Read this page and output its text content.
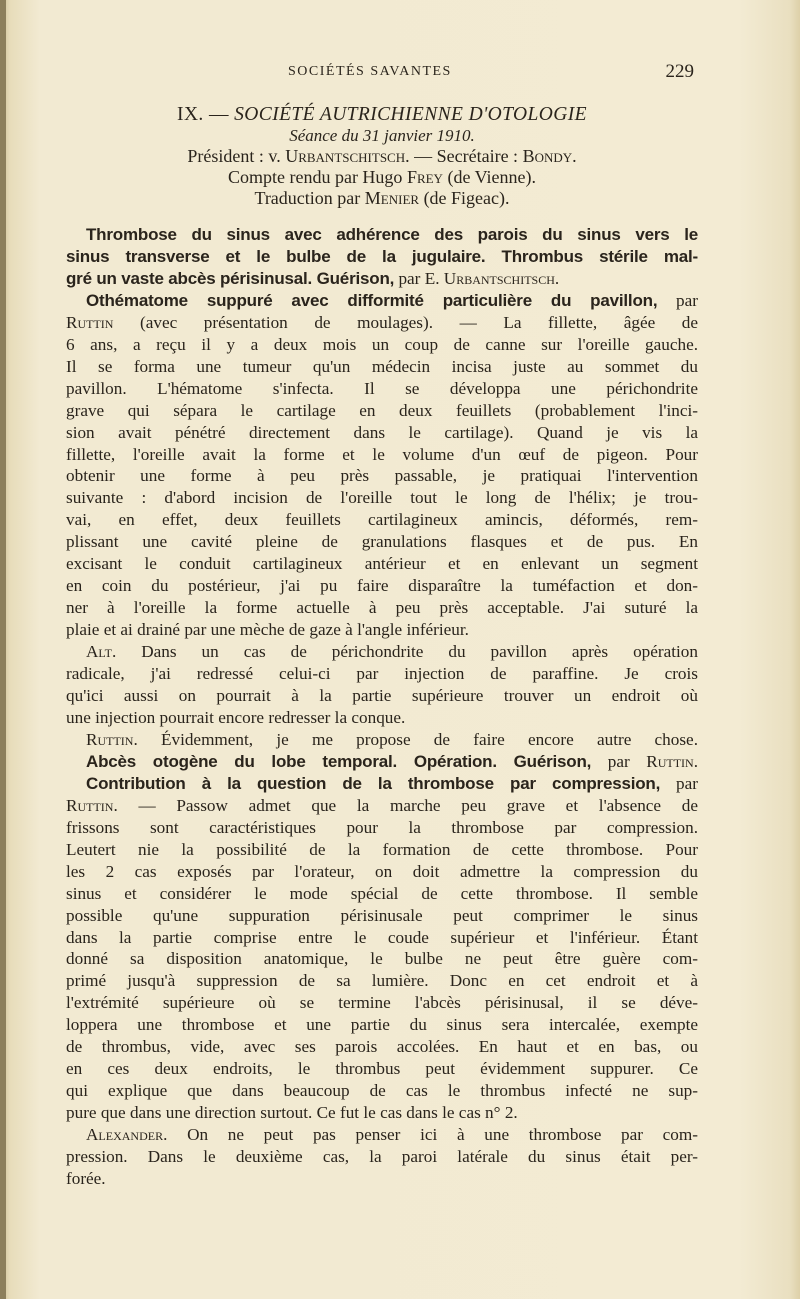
SOCIÉTÉS SAVANTES	229
IX. — SOCIÉTÉ AUTRICHIENNE D'OTOLOGIE
Séance du 31 janvier 1910.
Président : v. Urbantschitsch. — Secrétaire : Bondy.
Compte rendu par Hugo Frey (de Vienne).
Traduction par Menier (de Figeac).
Thrombose du sinus avec adhérence des parois du sinus vers le
sinus transverse et le bulbe de la jugulaire. Thrombus stérile mal-
gré un vaste abcès périsinusal. Guérison, par E. Urbantschitsch.
Othématome suppuré avec difformité particulière du pavillon, par
Ruttin (avec présentation de moulages). — La fillette, âgée de
6 ans, a reçu il y a deux mois un coup de canne sur l'oreille gauche.
Il se forma une tumeur qu'un médecin incisa juste au sommet du
pavillon. L'hématome s'infecta. Il se développa une périchondrite
grave qui sépara le cartilage en deux feuillets (probablement l'inci-
sion avait pénétré directement dans le cartilage). Quand je vis la
fillette, l'oreille avait la forme et le volume d'un œuf de pigeon. Pour
obtenir une forme à peu près passable, je pratiquai l'intervention
suivante : d'abord incision de l'oreille tout le long de l'hélix; je trou-
vai, en effet, deux feuillets cartilagineux amincis, déformés, rem-
plissant une cavité pleine de granulations flasques et de pus. En
excisant le conduit cartilagineux antérieur et en enlevant un segment
en coin du postérieur, j'ai pu faire disparaître la tuméfaction et don-
ner à l'oreille la forme actuelle à peu près acceptable. J'ai suturé la
plaie et ai drainé par une mèche de gaze à l'angle inférieur.
Alt. Dans un cas de périchondrite du pavillon après opération
radicale, j'ai redressé celui-ci par injection de paraffine. Je crois
qu'ici aussi on pourrait à la partie supérieure trouver un endroit où
une injection pourrait encore redresser la conque.
Ruttin. Évidemment, je me propose de faire encore autre chose.
Abcès otogène du lobe temporal. Opération. Guérison, par Ruttin.
Contribution à la question de la thrombose par compression, par
Ruttin. — Passow admet que la marche peu grave et l'absence de
frissons sont caractéristiques pour la thrombose par compression.
Leutert nie la possibilité de la formation de cette thrombose. Pour
les 2 cas exposés par l'orateur, on doit admettre la compression du
sinus et considérer le mode spécial de cette thrombose. Il semble
possible qu'une suppuration périsinusale peut comprimer le sinus
dans la partie comprise entre le coude supérieur et l'inférieur. Étant
donné sa disposition anatomique, le bulbe ne peut être guère com-
primé jusqu'à suppression de sa lumière. Donc en cet endroit et à
l'extrémité supérieure où se termine l'abcès périsinusal, il se déve-
loppera une thrombose et une partie du sinus sera intercalée, exempte
de thrombus, vide, avec ses parois accolées. En haut et en bas, ou
en ces deux endroits, le thrombus peut évidemment suppurer. Ce
qui explique que dans beaucoup de cas le thrombus infecté ne sup-
pure que dans une direction surtout. Ce fut le cas dans le cas n° 2.
Alexander. On ne peut pas penser ici à une thrombose par com-
pression. Dans le deuxième cas, la paroi latérale du sinus était per-
forée.
